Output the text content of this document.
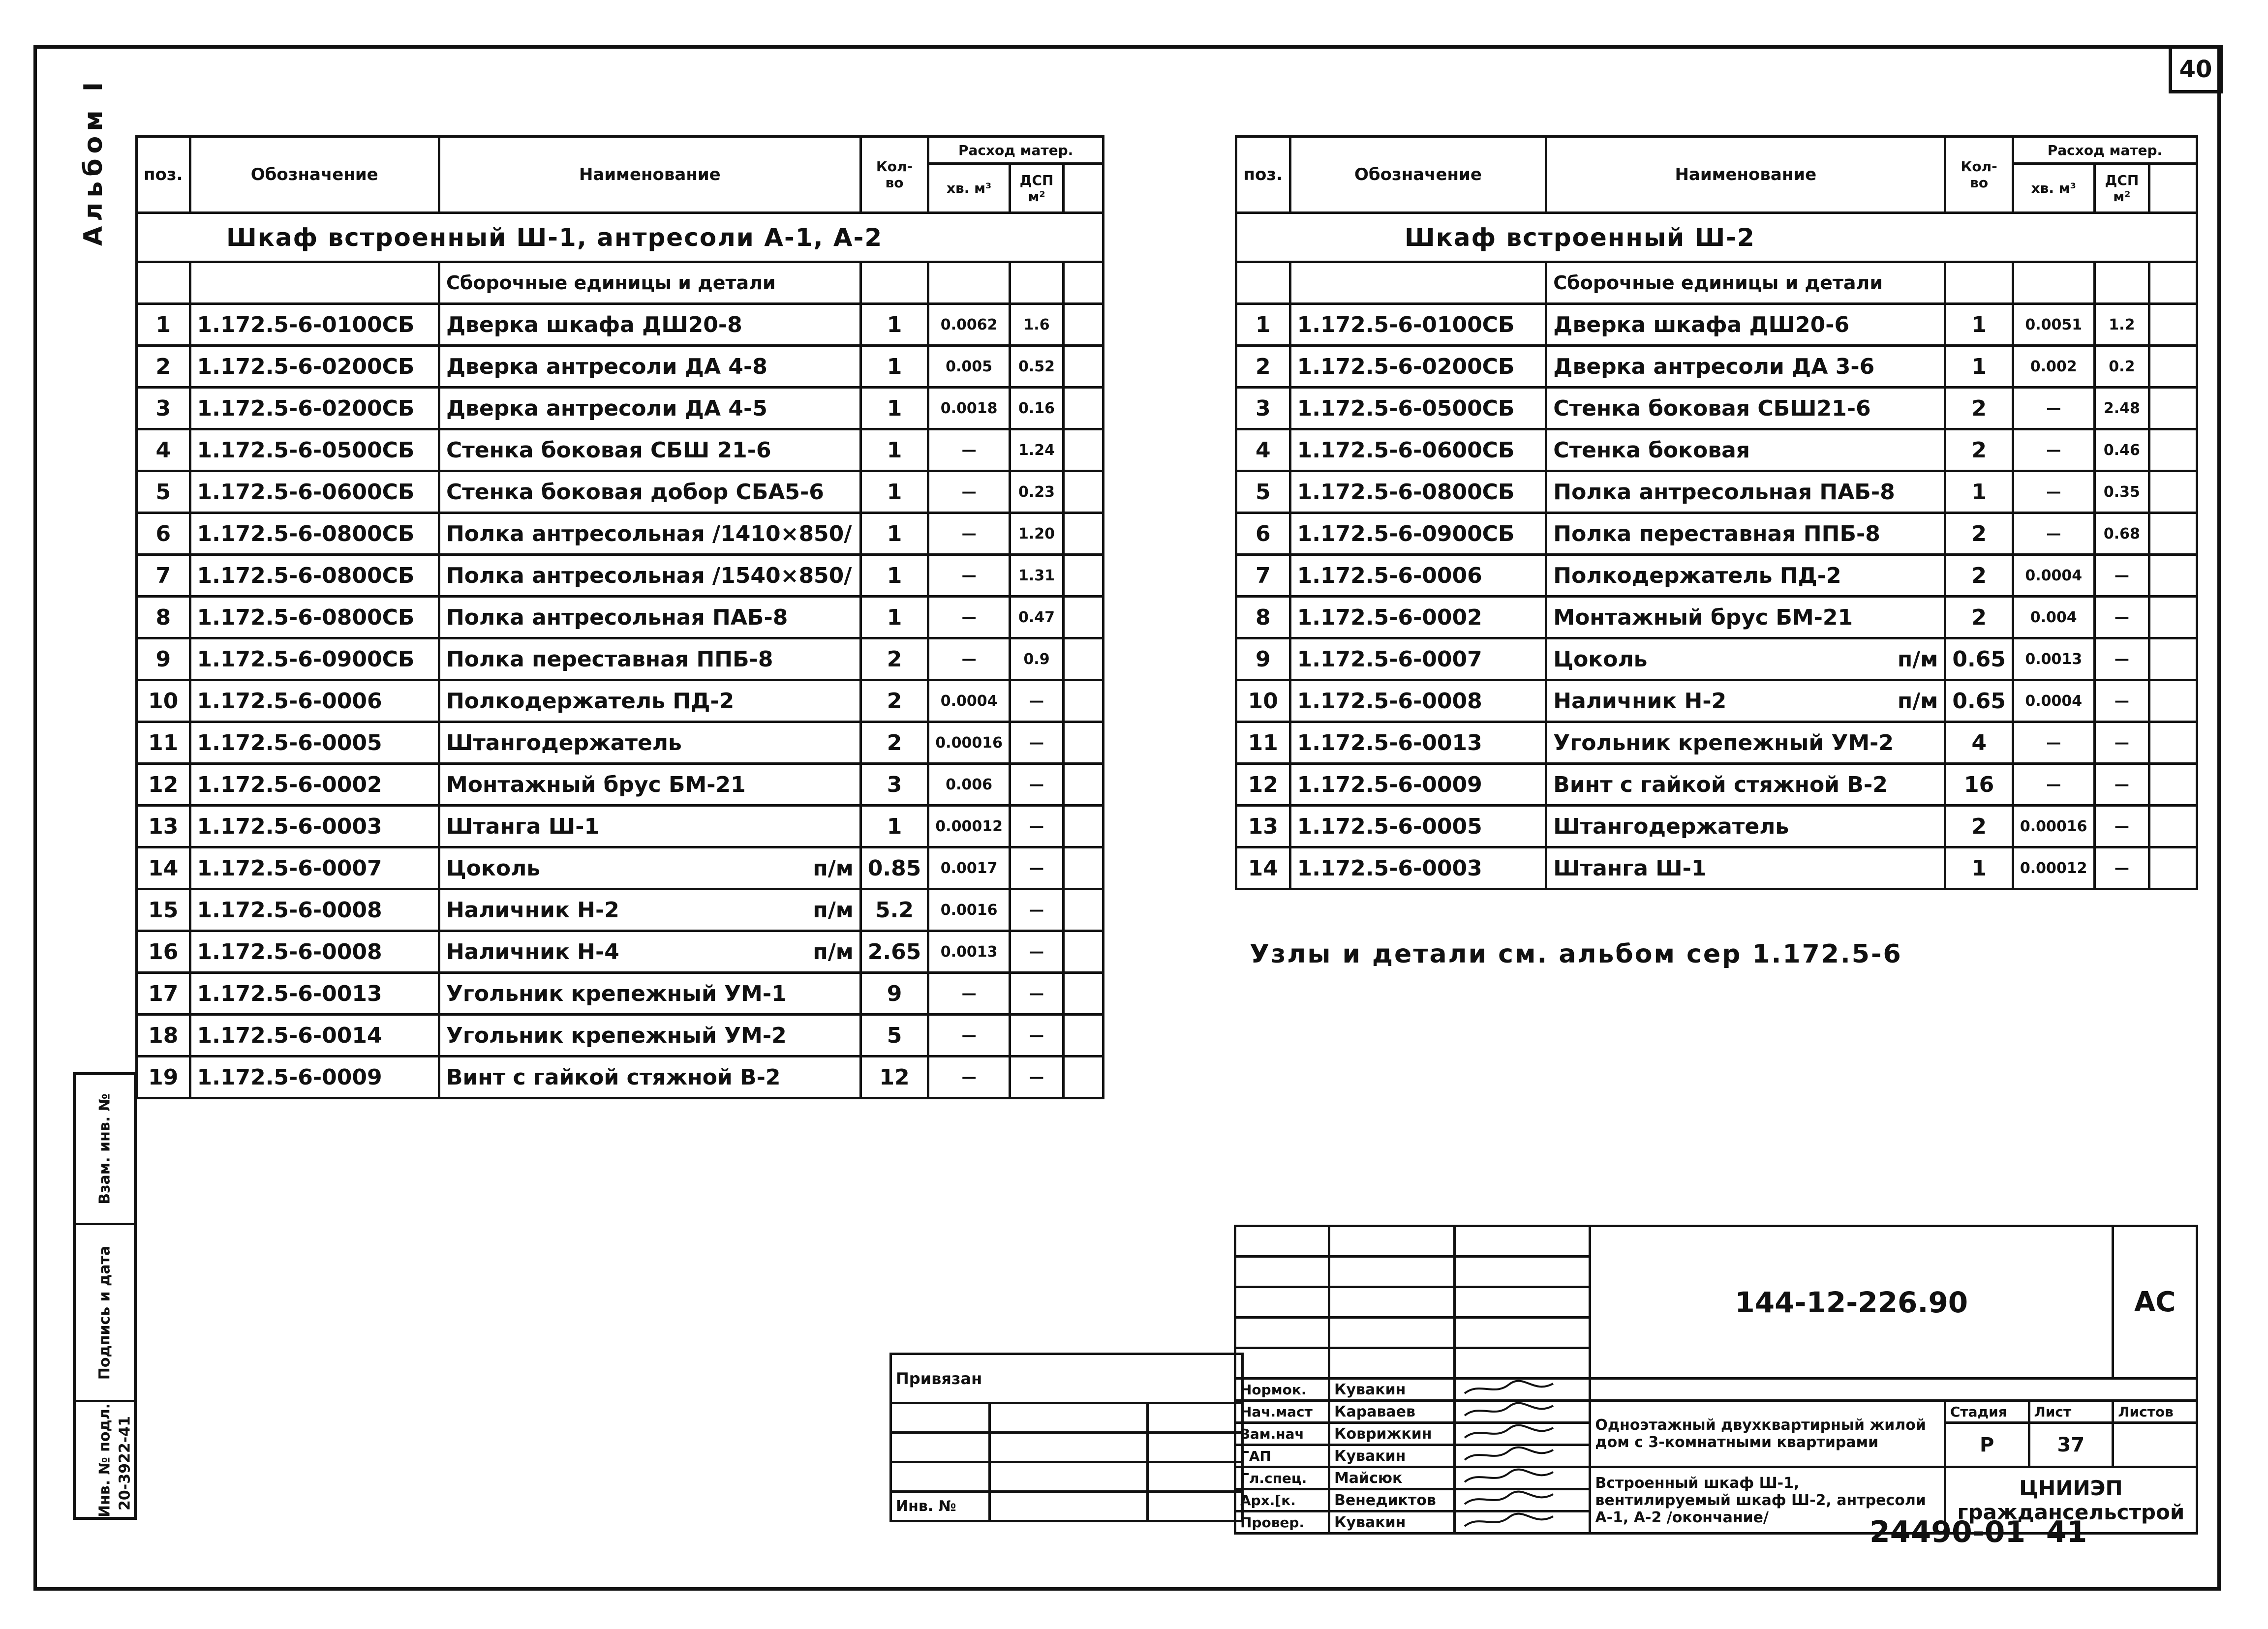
40
Альбом I
Взам. инв. №
Подпись и дата
Инв. № подл. 20-3922-41
поз.	Обозначение	Наименование	Кол-во	Расход матер.		
				хв. м³	ДСП м²	
Шкаф встроенный Ш-1, антресоли А-1, А-2						
		Сборочные единицы и детали				
1	1.172.5-6-0100СБ	Дверка шкафа ДШ20-8	1	0.0062	1.6	
2	1.172.5-6-0200СБ	Дверка антресоли ДА 4-8	1	0.005	0.52	
3	1.172.5-6-0200СБ	Дверка антресоли ДА 4-5	1	0.0018	0.16	
4	1.172.5-6-0500СБ	Стенка боковая СБШ 21-6	1	—	1.24	
5	1.172.5-6-0600СБ	Стенка боковая добор СБА5-6	1	—	0.23	
6	1.172.5-6-0800СБ	Полка антресольная /1410×850/	1	—	1.20	
7	1.172.5-6-0800СБ	Полка антресольная /1540×850/	1	—	1.31	
8	1.172.5-6-0800СБ	Полка антресольная ПАБ-8	1	—	0.47	
9	1.172.5-6-0900СБ	Полка переставная ППБ-8	2	—	0.9	
10	1.172.5-6-0006	Полкодержатель ПД-2	2	0.0004	—	
11	1.172.5-6-0005	Штангодержатель	2	0.00016	—	
12	1.172.5-6-0002	Монтажный брус БМ-21	3	0.006	—	
13	1.172.5-6-0003	Штанга Ш-1	1	0.00012	—	
14	1.172.5-6-0007	Цоколь п/м	0.85	0.0017	—	
15	1.172.5-6-0008	Наличник Н-2 п/м	5.2	0.0016	—	
16	1.172.5-6-0008	Наличник Н-4 п/м	2.65	0.0013	—	
17	1.172.5-6-0013	Угольник крепежный УМ-1	9	—	—	
18	1.172.5-6-0014	Угольник крепежный УМ-2	5	—	—	
19	1.172.5-6-0009	Винт с гайкой стяжной В-2	12	—	—	
поз.	Обозначение	Наименование	Кол-во	Расход матер.		
				хв. м³	ДСП м²	
Шкаф встроенный Ш-2						
		Сборочные единицы и детали				
1	1.172.5-6-0100СБ	Дверка шкафа ДШ20-6	1	0.0051	1.2	
2	1.172.5-6-0200СБ	Дверка антресоли ДА 3-6	1	0.002	0.2	
3	1.172.5-6-0500СБ	Стенка боковая СБШ21-6	2	—	2.48	
4	1.172.5-6-0600СБ	Стенка боковая	2	—	0.46	
5	1.172.5-6-0800СБ	Полка антресольная ПАБ-8	1	—	0.35	
6	1.172.5-6-0900СБ	Полка переставная ППБ-8	2	—	0.68	
7	1.172.5-6-0006	Полкодержатель ПД-2	2	0.0004	—	
8	1.172.5-6-0002	Монтажный брус БМ-21	2	0.004	—	
9	1.172.5-6-0007	Цоколь п/м	0.65	0.0013	—	
10	1.172.5-6-0008	Наличник Н-2 п/м	0.65	0.0004	—	
11	1.172.5-6-0013	Угольник крепежный УМ-2	4	—	—	
12	1.172.5-6-0009	Винт с гайкой стяжной В-2	16	—	—	
13	1.172.5-6-0005	Штангодержатель	2	0.00016	—	
14	1.172.5-6-0003	Штанга Ш-1	1	0.00012	—	
Узлы и детали см. альбом сер 1.172.5-6
Привязан		

Инв. №		
			144-12-226.90			АС

Нормок.	Кувакин		
Нач.маст	Караваев		Одноэтажный двухквартирный жилой дом с 3-комнатными квартирами	Стадия	Лист	Листов
Зам.нач	Коврижкин			Р	37	
ГАП	Кувакин	
Гл.спец.	Майсюк		Встроенный шкаф Ш-1, вентилируемый шкаф Ш-2, антресоли А-1, А-2 /окончание/	ЦНИИЭП гражданcельстрой		
Арх.[к.	Венедиктов	
Провер.	Кувакин		24490-01 41
